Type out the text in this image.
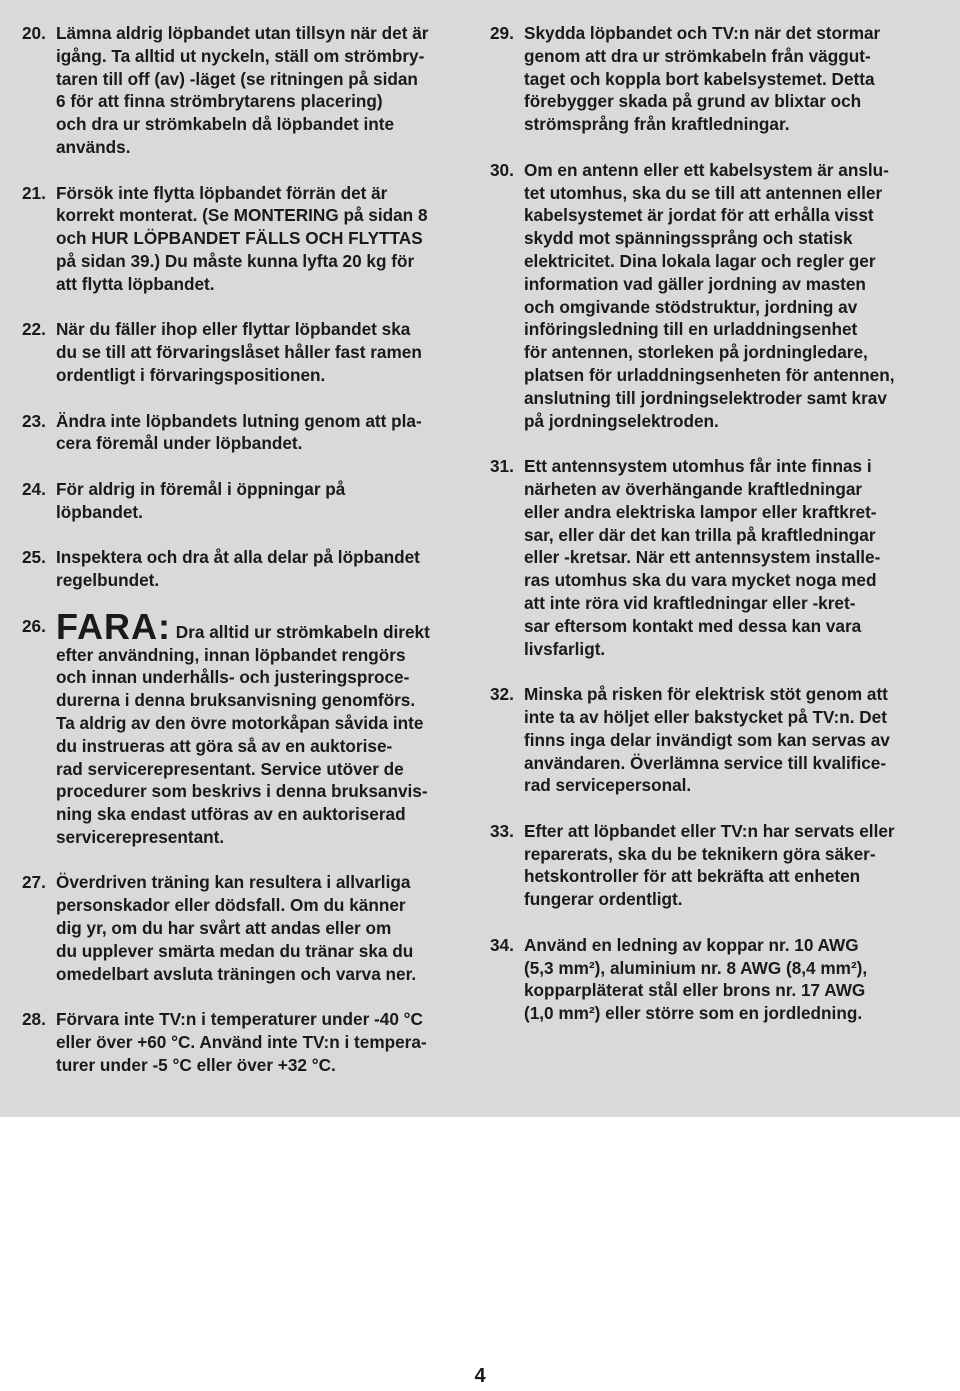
20. Lämna aldrig löpbandet utan tillsyn när det är
igång. Ta alltid ut nyckeln, ställ om strömbry-
taren till off (av) -läget (se ritningen på sidan
6 för att finna strömbrytarens placering)
och dra ur strömkabeln då löpbandet inte
används.
21. Försök inte flytta löpbandet förrän det är
korrekt monterat. (Se MONTERING på sidan 8
och HUR LÖPBANDET FÄLLS OCH FLYTTAS
på sidan 39.) Du måste kunna lyfta 20 kg för
att flytta löpbandet.
22. När du fäller ihop eller flyttar löpbandet ska
du se till att förvaringslåset håller fast ramen
ordentligt i förvaringspositionen.
23. Ändra inte löpbandets lutning genom att pla-
cera föremål under löpbandet.
24. För aldrig in föremål i öppningar på
löpbandet.
25. Inspektera och dra åt alla delar på löpbandet
regelbundet.
26. FARA: Dra alltid ur strömkabeln direkt
efter användning, innan löpbandet rengörs
och innan underhålls- och justeringsproce-
durerna i denna bruksanvisning genomförs.
Ta aldrig av den övre motorkåpan såvida inte
du instrueras att göra så av en auktorise-
rad servicerepresentant. Service utöver de
procedurer som beskrivs i denna bruksanvis-
ning ska endast utföras av en auktoriserad
servicerepresentant.
27. Överdriven träning kan resultera i allvarliga
personskador eller dödsfall. Om du känner
dig yr, om du har svårt att andas eller om
du upplever smärta medan du tränar ska du
omedelbart avsluta träningen och varva ner.
28. Förvara inte TV:n i temperaturer under -40 °C
eller över +60 °C. Använd inte TV:n i tempera-
turer under -5 °C eller över +32 °C.
29. Skydda löpbandet och TV:n när det stormar
genom att dra ur strömkabeln från väggut-
taget och koppla bort kabelsystemet. Detta
förebygger skada på grund av blixtar och
strömsprång från kraftledningar.
30. Om en antenn eller ett kabelsystem är anslu-
tet utomhus, ska du se till att antennen eller
kabelsystemet är jordat för att erhålla visst
skydd mot spänningssprång och statisk
elektricitet. Dina lokala lagar och regler ger
information vad gäller jordning av masten
och omgivande stödstruktur, jordning av
införingsledning till en urladdningsenhet
för antennen, storleken på jordningledare,
platsen för urladdningsenheten för antennen,
anslutning till jordningselektroder samt krav
på jordningselektroden.
31. Ett antennsystem utomhus får inte finnas i
närheten av överhängande kraftledningar
eller andra elektriska lampor eller kraftkret-
sar, eller där det kan trilla på kraftledningar
eller -kretsar. När ett antennsystem installe-
ras utomhus ska du vara mycket noga med
att inte röra vid kraftledningar eller -kret-
sar eftersom kontakt med dessa kan vara
livsfarligt.
32. Minska på risken för elektrisk stöt genom att
inte ta av höljet eller bakstycket på TV:n. Det
finns inga delar invändigt som kan servas av
användaren. Överlämna service till kvalifice-
rad servicepersonal.
33. Efter att löpbandet eller TV:n har servats eller
reparerats, ska du be teknikern göra säker-
hetskontroller för att bekräfta att enheten
fungerar ordentligt.
34. Använd en ledning av koppar nr. 10 AWG
(5,3 mm²), aluminium nr. 8 AWG (8,4 mm²),
kopparpläterat stål eller brons nr. 17 AWG
(1,0 mm²) eller större som en jordledning.
4
